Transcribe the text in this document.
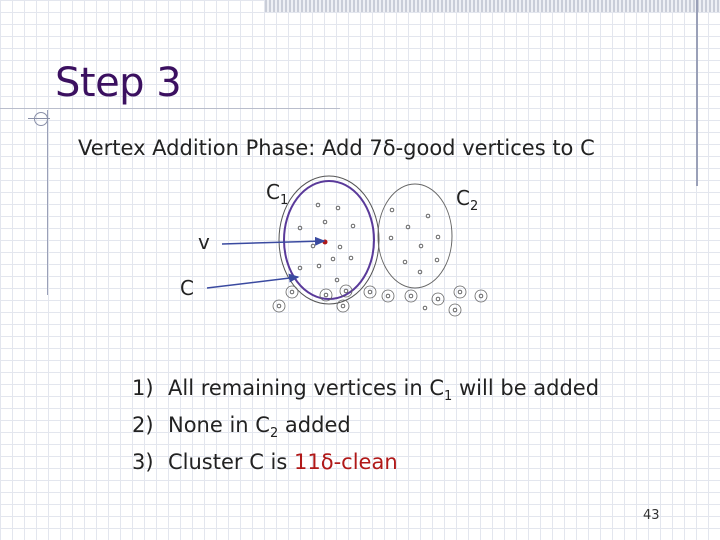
Step 3
Vertex Addition Phase: Add 7δ-good vertices to C
$C_1$	$C_2$
v
C
1) All remaining vertices in $C_1$ will be added
2) None in $C_2$ added
3) Cluster C is 11δ-clean
43
